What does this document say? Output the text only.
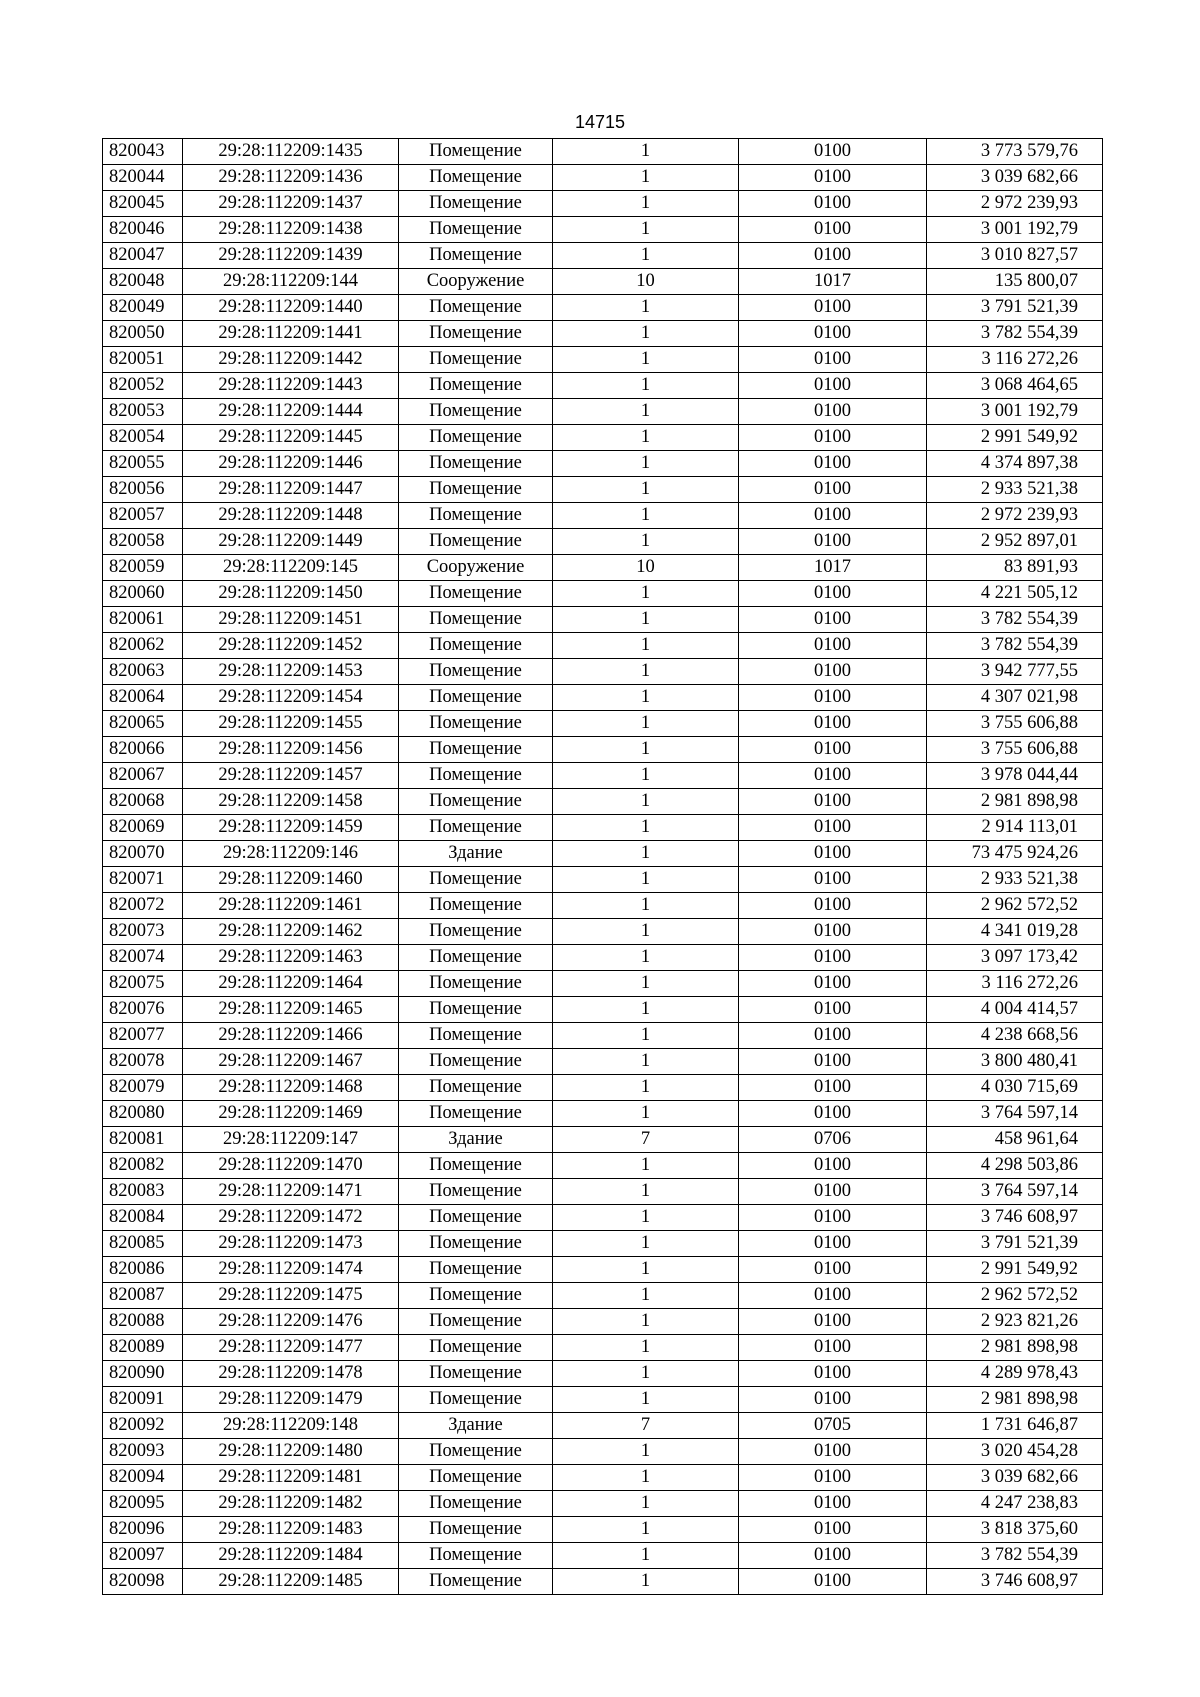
14715
820043	29:28:112209:1435	Помещение	1	0100	3 773 579,76
820044	29:28:112209:1436	Помещение	1	0100	3 039 682,66
820045	29:28:112209:1437	Помещение	1	0100	2 972 239,93
820046	29:28:112209:1438	Помещение	1	0100	3 001 192,79
820047	29:28:112209:1439	Помещение	1	0100	3 010 827,57
820048	29:28:112209:144	Сооружение	10	1017	135 800,07
820049	29:28:112209:1440	Помещение	1	0100	3 791 521,39
820050	29:28:112209:1441	Помещение	1	0100	3 782 554,39
820051	29:28:112209:1442	Помещение	1	0100	3 116 272,26
820052	29:28:112209:1443	Помещение	1	0100	3 068 464,65
820053	29:28:112209:1444	Помещение	1	0100	3 001 192,79
820054	29:28:112209:1445	Помещение	1	0100	2 991 549,92
820055	29:28:112209:1446	Помещение	1	0100	4 374 897,38
820056	29:28:112209:1447	Помещение	1	0100	2 933 521,38
820057	29:28:112209:1448	Помещение	1	0100	2 972 239,93
820058	29:28:112209:1449	Помещение	1	0100	2 952 897,01
820059	29:28:112209:145	Сооружение	10	1017	83 891,93
820060	29:28:112209:1450	Помещение	1	0100	4 221 505,12
820061	29:28:112209:1451	Помещение	1	0100	3 782 554,39
820062	29:28:112209:1452	Помещение	1	0100	3 782 554,39
820063	29:28:112209:1453	Помещение	1	0100	3 942 777,55
820064	29:28:112209:1454	Помещение	1	0100	4 307 021,98
820065	29:28:112209:1455	Помещение	1	0100	3 755 606,88
820066	29:28:112209:1456	Помещение	1	0100	3 755 606,88
820067	29:28:112209:1457	Помещение	1	0100	3 978 044,44
820068	29:28:112209:1458	Помещение	1	0100	2 981 898,98
820069	29:28:112209:1459	Помещение	1	0100	2 914 113,01
820070	29:28:112209:146	Здание	1	0100	73 475 924,26
820071	29:28:112209:1460	Помещение	1	0100	2 933 521,38
820072	29:28:112209:1461	Помещение	1	0100	2 962 572,52
820073	29:28:112209:1462	Помещение	1	0100	4 341 019,28
820074	29:28:112209:1463	Помещение	1	0100	3 097 173,42
820075	29:28:112209:1464	Помещение	1	0100	3 116 272,26
820076	29:28:112209:1465	Помещение	1	0100	4 004 414,57
820077	29:28:112209:1466	Помещение	1	0100	4 238 668,56
820078	29:28:112209:1467	Помещение	1	0100	3 800 480,41
820079	29:28:112209:1468	Помещение	1	0100	4 030 715,69
820080	29:28:112209:1469	Помещение	1	0100	3 764 597,14
820081	29:28:112209:147	Здание	7	0706	458 961,64
820082	29:28:112209:1470	Помещение	1	0100	4 298 503,86
820083	29:28:112209:1471	Помещение	1	0100	3 764 597,14
820084	29:28:112209:1472	Помещение	1	0100	3 746 608,97
820085	29:28:112209:1473	Помещение	1	0100	3 791 521,39
820086	29:28:112209:1474	Помещение	1	0100	2 991 549,92
820087	29:28:112209:1475	Помещение	1	0100	2 962 572,52
820088	29:28:112209:1476	Помещение	1	0100	2 923 821,26
820089	29:28:112209:1477	Помещение	1	0100	2 981 898,98
820090	29:28:112209:1478	Помещение	1	0100	4 289 978,43
820091	29:28:112209:1479	Помещение	1	0100	2 981 898,98
820092	29:28:112209:148	Здание	7	0705	1 731 646,87
820093	29:28:112209:1480	Помещение	1	0100	3 020 454,28
820094	29:28:112209:1481	Помещение	1	0100	3 039 682,66
820095	29:28:112209:1482	Помещение	1	0100	4 247 238,83
820096	29:28:112209:1483	Помещение	1	0100	3 818 375,60
820097	29:28:112209:1484	Помещение	1	0100	3 782 554,39
820098	29:28:112209:1485	Помещение	1	0100	3 746 608,97
